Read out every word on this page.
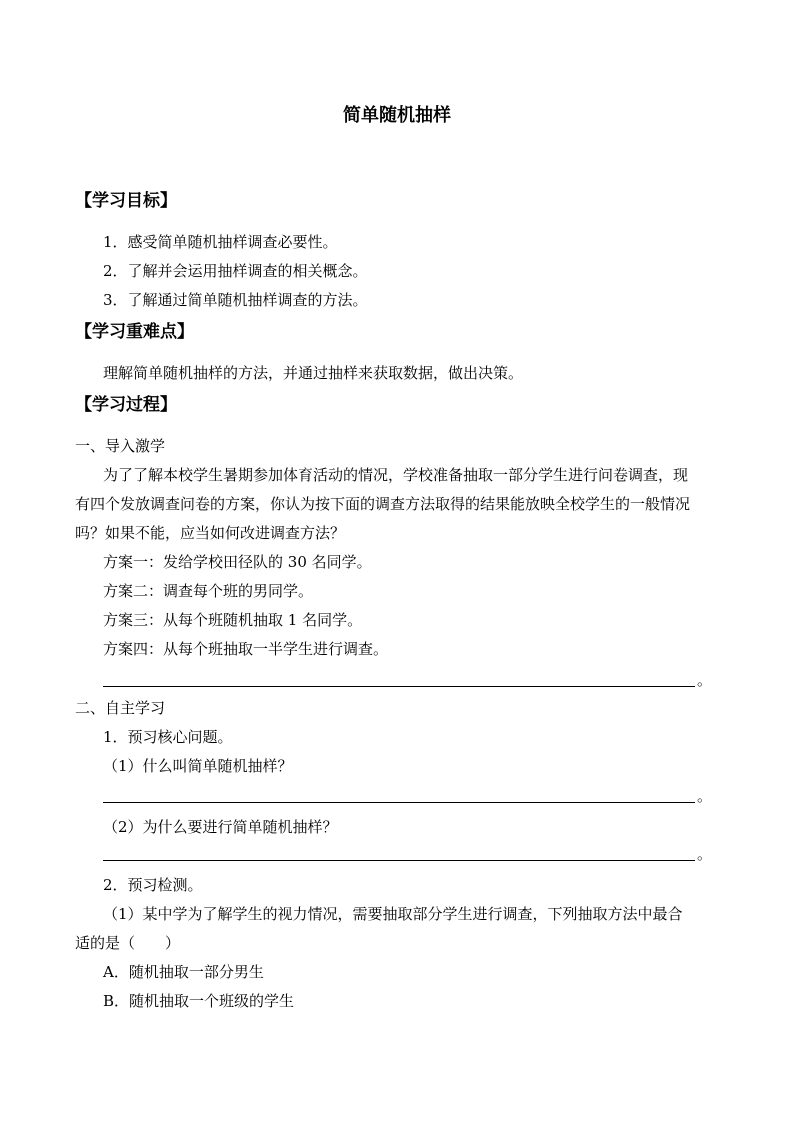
简单随机抽样
【学习目标】
1．感受简单随机抽样调查必要性。
2．了解并会运用抽样调查的相关概念。
3．了解通过简单随机抽样调查的方法。
【学习重难点】
理解简单随机抽样的方法，并通过抽样来获取数据，做出决策。
【学习过程】
一、导入激学
为了了解本校学生暑期参加体育活动的情况，学校准备抽取一部分学生进行问卷调查，现
有四个发放调查问卷的方案，你认为按下面的调查方法取得的结果能放映全校学生的一般情况
吗？如果不能，应当如何改进调查方法？
方案一：发给学校田径队的 30 名同学。
方案二：调查每个班的男同学。
方案三：从每个班随机抽取 1 名同学。
方案四：从每个班抽取一半学生进行调查。
。
二、自主学习
1．预习核心问题。
（1）什么叫简单随机抽样？
。
（2）为什么要进行简单随机抽样？
。
2．预习检测。
（1）某中学为了解学生的视力情况，需要抽取部分学生进行调查，下列抽取方法中最合
适的是（　　）
A．随机抽取一部分男生
B．随机抽取一个班级的学生
